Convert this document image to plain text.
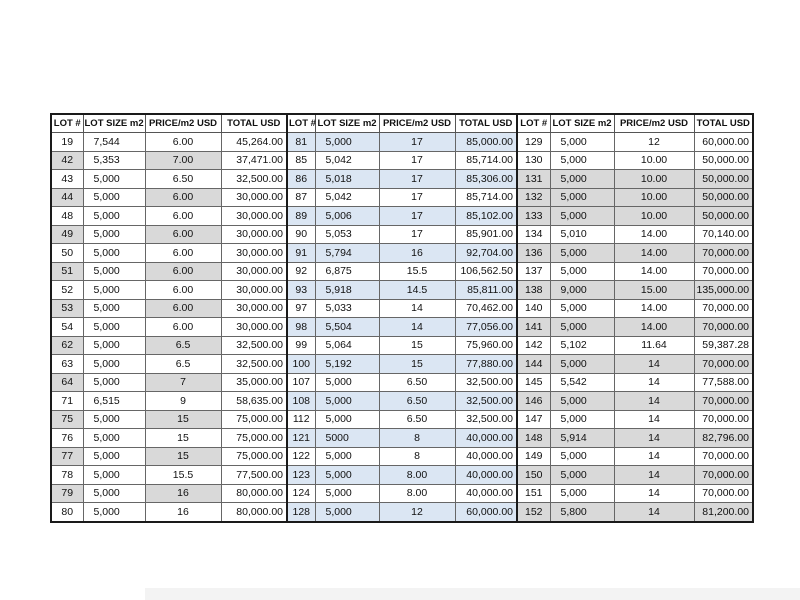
LOT #	LOT SIZE m2	PRICE/m2 USD	TOTAL USD	LOT #	LOT SIZE m2	PRICE/m2 USD	TOTAL USD	LOT #	LOT SIZE m2	PRICE/m2 USD	TOTAL USD
19	7,544	6.00	45,264.00	81	5,000	17	85,000.00	129	5,000	12	60,000.00
42	5,353	7.00	37,471.00	85	5,042	17	85,714.00	130	5,000	10.00	50,000.00
43	5,000	6.50	32,500.00	86	5,018	17	85,306.00	131	5,000	10.00	50,000.00
44	5,000	6.00	30,000.00	87	5,042	17	85,714.00	132	5,000	10.00	50,000.00
48	5,000	6.00	30,000.00	89	5,006	17	85,102.00	133	5,000	10.00	50,000.00
49	5,000	6.00	30,000.00	90	5,053	17	85,901.00	134	5,010	14.00	70,140.00
50	5,000	6.00	30,000.00	91	5,794	16	92,704.00	136	5,000	14.00	70,000.00
51	5,000	6.00	30,000.00	92	6,875	15.5	106,562.50	137	5,000	14.00	70,000.00
52	5,000	6.00	30,000.00	93	5,918	14.5	85,811.00	138	9,000	15.00	135,000.00
53	5,000	6.00	30,000.00	97	5,033	14	70,462.00	140	5,000	14.00	70,000.00
54	5,000	6.00	30,000.00	98	5,504	14	77,056.00	141	5,000	14.00	70,000.00
62	5,000	6.5	32,500.00	99	5,064	15	75,960.00	142	5,102	11.64	59,387.28
63	5,000	6.5	32,500.00	100	5,192	15	77,880.00	144	5,000	14	70,000.00
64	5,000	7	35,000.00	107	5,000	6.50	32,500.00	145	5,542	14	77,588.00
71	6,515	9	58,635.00	108	5,000	6.50	32,500.00	146	5,000	14	70,000.00
75	5,000	15	75,000.00	112	5,000	6.50	32,500.00	147	5,000	14	70,000.00
76	5,000	15	75,000.00	121	5000	8	40,000.00	148	5,914	14	82,796.00
77	5,000	15	75,000.00	122	5,000	8	40,000.00	149	5,000	14	70,000.00
78	5,000	15.5	77,500.00	123	5,000	8.00	40,000.00	150	5,000	14	70,000.00
79	5,000	16	80,000.00	124	5,000	8.00	40,000.00	151	5,000	14	70,000.00
80	5,000	16	80,000.00	128	5,000	12	60,000.00	152	5,800	14	81,200.00
